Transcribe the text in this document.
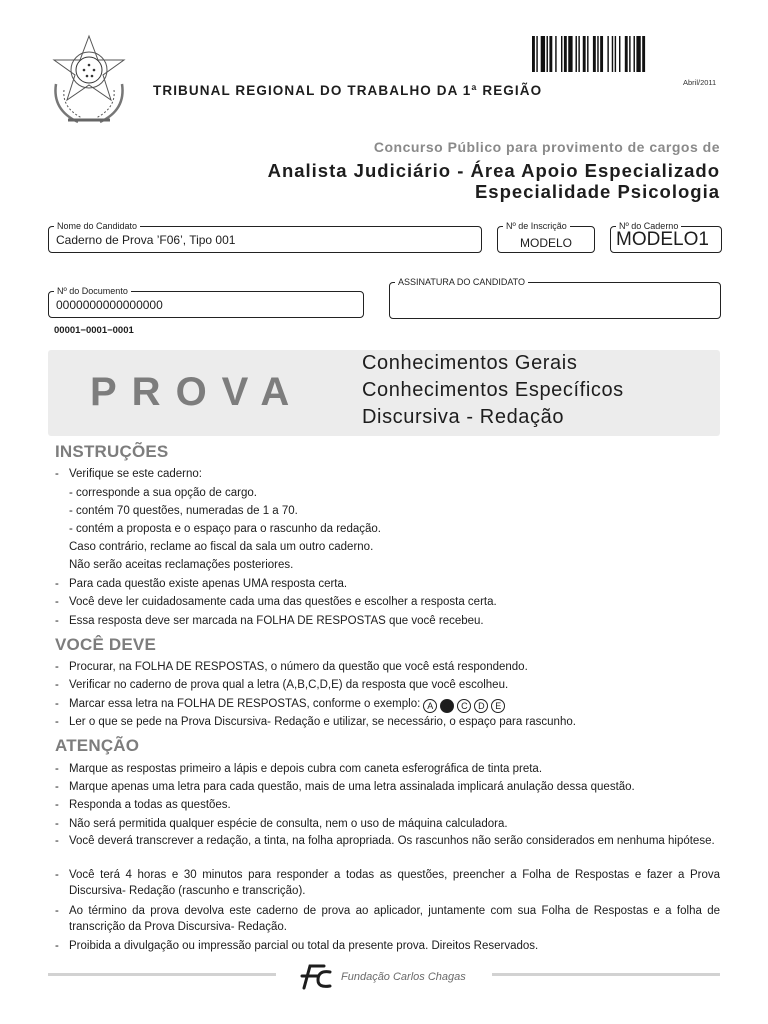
TRIBUNAL REGIONAL DO TRABALHO DA 1ª REGIÃO
Abril/2011
Concurso Público para provimento de cargos de
Analista Judiciário - Área Apoio Especializado
Especialidade Psicologia
Nome do Candidato
Caderno de Prova ’F06’, Tipo 001
Nº de Inscrição
MODELO
Nº do Caderno
MODELO1
Nº do Documento
0000000000000000
ASSINATURA DO CANDIDATO
00001−0001−0001
PROVA
Conhecimentos Gerais
Conhecimentos Específicos
Discursiva - Redação
INSTRUÇÕES
- Verifique se este caderno:
- corresponde a sua opção de cargo.
- contém 70 questões, numeradas de 1 a 70.
- contém a proposta e o espaço para o rascunho da redação.
Caso contrário, reclame ao fiscal da sala um outro caderno.
Não serão aceitas reclamações posteriores.
- Para cada questão existe apenas UMA resposta certa.
- Você deve ler cuidadosamente cada uma das questões e escolher a resposta certa.
- Essa resposta deve ser marcada na FOLHA DE RESPOSTAS que você recebeu.
VOCÊ DEVE
- Procurar, na FOLHA DE RESPOSTAS, o número da questão que você está respondendo.
- Verificar no caderno de prova qual a letra (A,B,C,D,E) da resposta que você escolheu.
- Marcar essa letra na FOLHA DE RESPOSTAS, conforme o exemplo: A B C D E
- Ler o que se pede na Prova Discursiva- Redação e utilizar, se necessário, o espaço para rascunho.
ATENÇÃO
- Marque as respostas primeiro a lápis e depois cubra com caneta esferográfica de tinta preta.
- Marque apenas uma letra para cada questão, mais de uma letra assinalada implicará anulação dessa questão.
- Responda a todas as questões.
- Não será permitida qualquer espécie de consulta, nem o uso de máquina calculadora.
- Você deverá transcrever a redação, a tinta, na folha apropriada. Os rascunhos não serão considerados em nenhuma hipótese.
- Você terá 4 horas e 30 minutos para responder a todas as questões, preencher a Folha de Respostas e fazer a Prova Discursiva- Redação (rascunho e transcrição).
- Ao término da prova devolva este caderno de prova ao aplicador, juntamente com sua Folha de Respostas e a folha de transcrição da Prova Discursiva- Redação.
- Proibida a divulgação ou impressão parcial ou total da presente prova. Direitos Reservados.
Fundação Carlos Chagas
